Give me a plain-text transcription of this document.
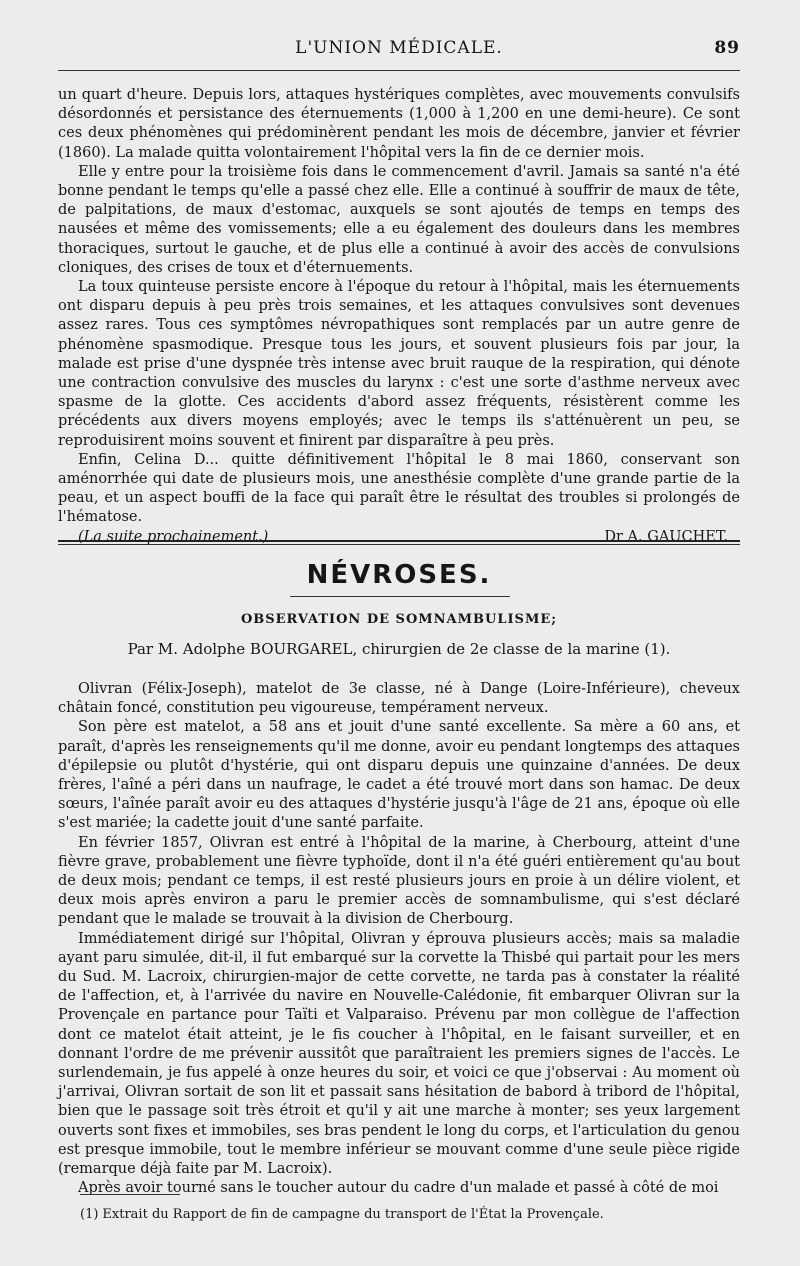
L'UNION MÉDICALE.	89

un quart d'heure. Depuis lors, attaques hystériques complètes, avec mouvements convulsifs désordonnés et persistance des éternuements (1,000 à 1,200 en une demi-heure). Ce sont ces deux phénomènes qui prédominèrent pendant les mois de décembre, janvier et février (1860). La malade quitta volontairement l'hôpital vers la fin de ce dernier mois.

Elle y entre pour la troisième fois dans le commencement d'avril. Jamais sa santé n'a été bonne pendant le temps qu'elle a passé chez elle. Elle a continué à souffrir de maux de tête, de palpitations, de maux d'estomac, auxquels se sont ajoutés de temps en temps des nausées et même des vomissements; elle a eu également des douleurs dans les membres thoraciques, surtout le gauche, et de plus elle a continué à avoir des accès de convulsions cloniques, des crises de toux et d'éternuements.

La toux quinteuse persiste encore à l'époque du retour à l'hôpital, mais les éternuements ont disparu depuis à peu près trois semaines, et les attaques convulsives sont devenues assez rares. Tous ces symptômes névropathiques sont remplacés par un autre genre de phénomène spasmodique. Presque tous les jours, et souvent plusieurs fois par jour, la malade est prise d'une dyspnée très intense avec bruit rauque de la respiration, qui dénote une contraction convulsive des muscles du larynx : c'est une sorte d'asthme nerveux avec spasme de la glotte. Ces accidents d'abord assez fréquents, résistèrent comme les précédents aux divers moyens employés; avec le temps ils s'atténuèrent un peu, se reproduisirent moins souvent et finirent par disparaître à peu près.

Enfin, Celina D... quitte définitivement l'hôpital le 8 mai 1860, conservant son aménorrhée qui date de plusieurs mois, une anesthésie complète d'une grande partie de la peau, et un aspect bouffi de la face qui paraît être le résultat des troubles si prolongés de l'hématose.

(La suite prochainement.)	Dr A. GAUCHET.
NÉVROSES.
OBSERVATION DE SOMNAMBULISME;
Par M. Adolphe BOURGAREL, chirurgien de 2e classe de la marine (1).

Olivran (Félix-Joseph), matelot de 3e classe, né à Dange (Loire-Inférieure), cheveux châtain foncé, constitution peu vigoureuse, tempérament nerveux.

Son père est matelot, a 58 ans et jouit d'une santé excellente. Sa mère a 60 ans, et paraît, d'après les renseignements qu'il me donne, avoir eu pendant longtemps des attaques d'épilepsie ou plutôt d'hystérie, qui ont disparu depuis une quinzaine d'années. De deux frères, l'aîné a péri dans un naufrage, le cadet a été trouvé mort dans son hamac. De deux sœurs, l'aînée paraît avoir eu des attaques d'hystérie jusqu'à l'âge de 21 ans, époque où elle s'est mariée; la cadette jouit d'une santé parfaite.

En février 1857, Olivran est entré à l'hôpital de la marine, à Cherbourg, atteint d'une fièvre grave, probablement une fièvre typhoïde, dont il n'a été guéri entièrement qu'au bout de deux mois; pendant ce temps, il est resté plusieurs jours en proie à un délire violent, et deux mois après environ a paru le premier accès de somnambulisme, qui s'est déclaré pendant que le malade se trouvait à la division de Cherbourg.

Immédiatement dirigé sur l'hôpital, Olivran y éprouva plusieurs accès; mais sa maladie ayant paru simulée, dit-il, il fut embarqué sur la corvette la Thisbé qui partait pour les mers du Sud. M. Lacroix, chirurgien-major de cette corvette, ne tarda pas à constater la réalité de l'affection, et, à l'arrivée du navire en Nouvelle-Calédonie, fit embarquer Olivran sur la Provençale en partance pour Taïti et Valparaiso. Prévenu par mon collègue de l'affection dont ce matelot était atteint, je le fis coucher à l'hôpital, en le faisant surveiller, et en donnant l'ordre de me prévenir aussitôt que paraîtraient les premiers signes de l'accès. Le surlendemain, je fus appelé à onze heures du soir, et voici ce que j'observai : Au moment où j'arrivai, Olivran sortait de son lit et passait sans hésitation de babord à tribord de l'hôpital, bien que le passage soit très étroit et qu'il y ait une marche à monter; ses yeux largement ouverts sont fixes et immobiles, ses bras pendent le long du corps, et l'articulation du genou est presque immobile, tout le membre inférieur se mouvant comme d'une seule pièce rigide (remarque déjà faite par M. Lacroix).

Après avoir tourné sans le toucher autour du cadre d'un malade et passé à côté de moi

(1) Extrait du Rapport de fin de campagne du transport de l'État la Provençale.
